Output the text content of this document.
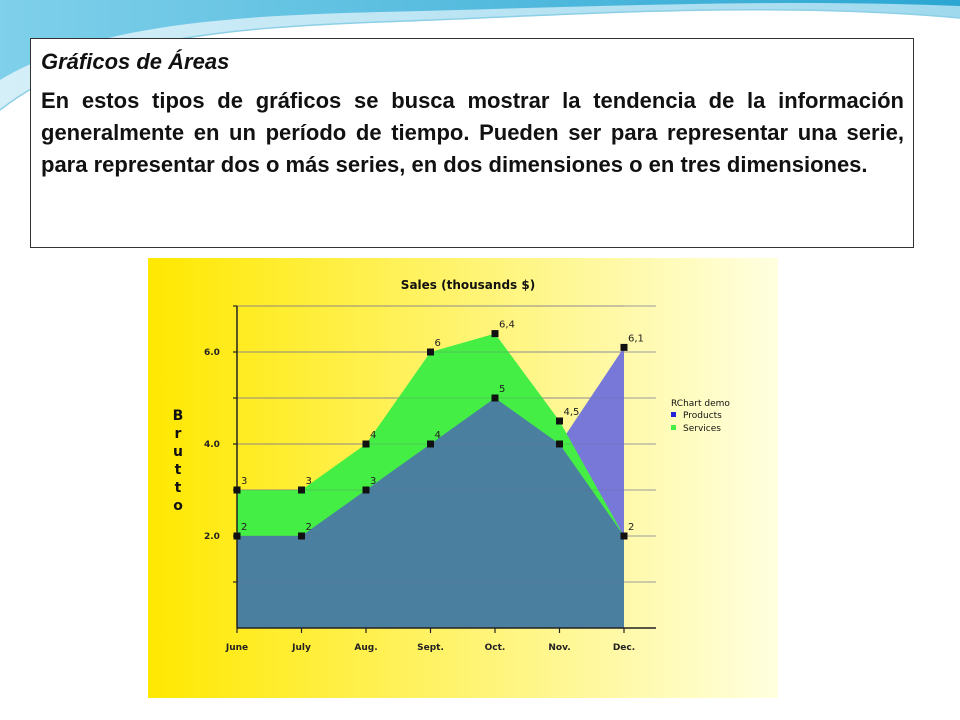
Gráficos de Áreas

En estos tipos de gráficos se busca mostrar la tendencia de la información generalmente en un período de tiempo. Pueden ser para representar una serie, para representar dos o más series, en dos dimensiones o en tres dimensiones.

2.0
4.0
6.0
June	July	Aug.	Sept.	Oct.	Nov.	Dec.
2	2
3
4
5
6,1
3	3
4
6
6,4
4,5
2
Sales (thousands $)
B
r
u
t
t
o
RChart demo
Products
Services
